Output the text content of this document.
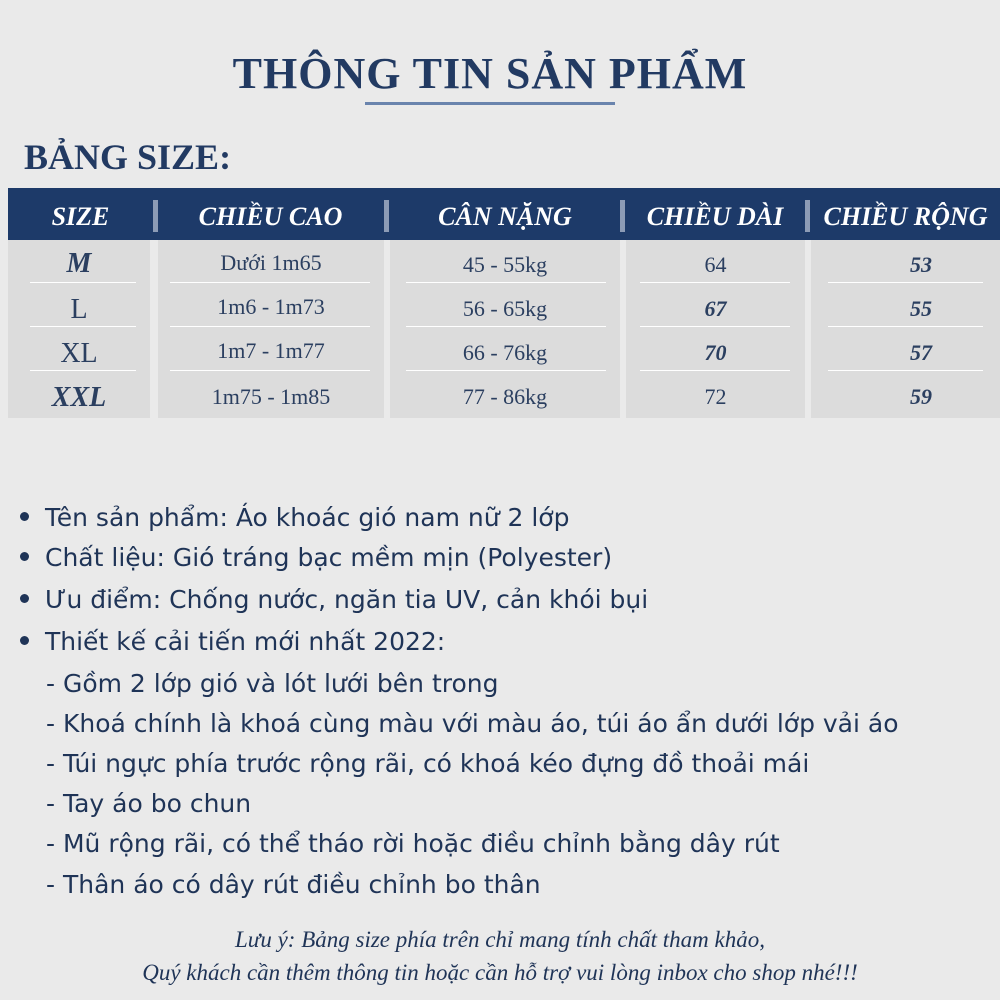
THÔNG TIN SẢN PHẨM
BẢNG SIZE:
SIZE	CHIỀU CAO	CÂN NẶNG	CHIỀU DÀI	CHIỀU RỘNG
M	Dưới 1m65	45 - 55kg	64	53
L	1m6 - 1m73	56 - 65kg	67	55
XL	1m7 - 1m77	66 - 76kg	70	57
XXL	1m75 - 1m85	77 - 86kg	72	59
Tên sản phẩm: Áo khoác gió nam nữ 2 lớp
Chất liệu: Gió tráng bạc mềm mịn (Polyester)
Ưu điểm: Chống nước, ngăn tia UV, cản khói bụi
Thiết kế cải tiến mới nhất 2022:
- Gồm 2 lớp gió và lót lưới bên trong
- Khoá chính là khoá cùng màu với màu áo, túi áo ẩn dưới lớp vải áo
- Túi ngực phía trước rộng rãi, có khoá kéo đựng đồ thoải mái
- Tay áo bo chun
- Mũ rộng rãi, có thể tháo rời hoặc điều chỉnh bằng dây rút
- Thân áo có dây rút điều chỉnh bo thân
Lưu ý: Bảng size phía trên chỉ mang tính chất tham khảo,
Quý khách cần thêm thông tin hoặc cần hỗ trợ vui lòng inbox cho shop nhé!!!
